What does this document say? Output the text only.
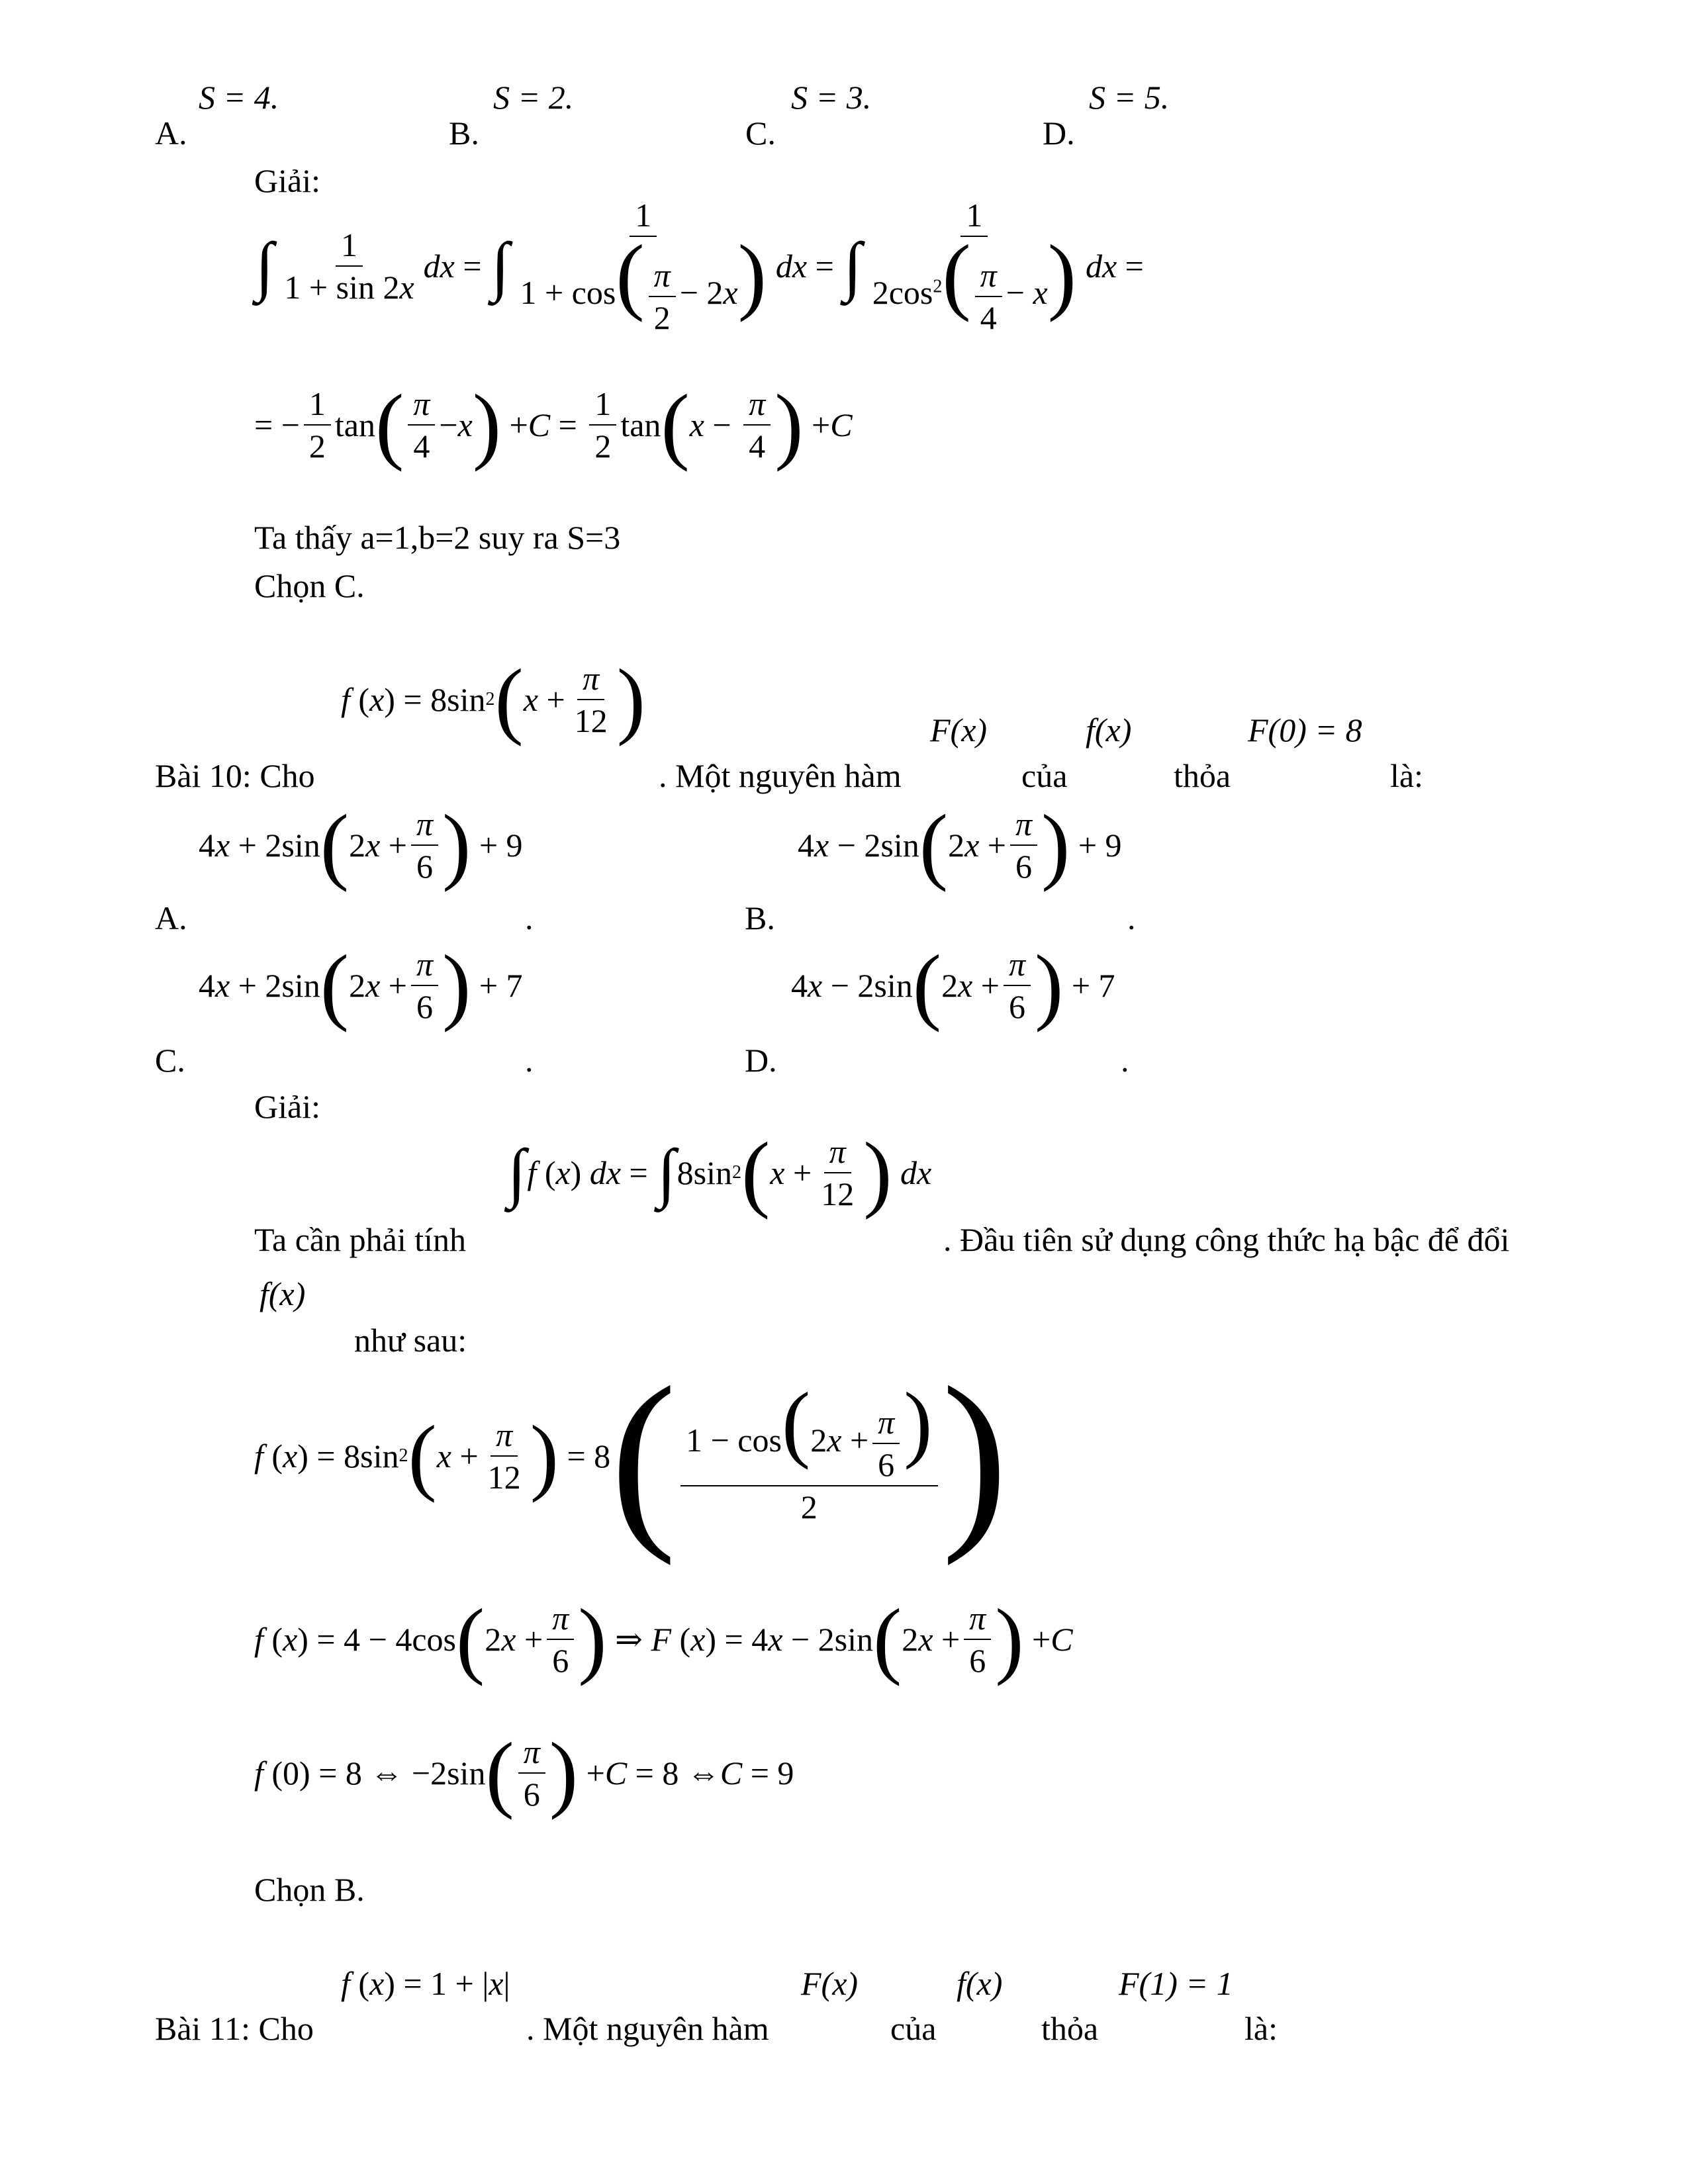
S = 4.
A.
S = 2.
B.
S = 3.
C.
S = 5.
D.
Giải:
∫ $\frac{1}{1 + \sin 2x}$ dx = ∫ $\frac{1}{1 + \cos( \frac{\pi}{2} - 2x)}$ dx = ∫ $\frac{1}{2\cos^2( \frac{\pi}{4} - x)}$ dx =
= − $\frac{1}{2}$ tan ( $\frac{\pi}{4} - x$ ) + $C = \frac{1}{2}$ tan ( $x - \frac{\pi}{4}$ ) + C
Ta thấy a=1,b=2 suy ra S=3
Chọn C.
f ( x ) = 8sin 2 ( $x + \frac{\pi}{12}$ )	F(x)	f(x)	F(0) = 8
Bài 10: Cho	. Một nguyên hàm	của	thỏa	là:
4 x + 2sin ( 2 $x + \frac{\pi}{6}$ ) + 9
A.	.
4 x − 2sin ( 2 $x + \frac{\pi}{6}$ ) + 9
B.	.
4 x + 2sin ( 2 $x + \frac{\pi}{6}$ ) + 7
C.	.
4 x − 2sin ( 2 $x + \frac{\pi}{6}$ ) + 7
D.	.
Giải:
∫ f ( x ) dx = ∫ 8sin 2 ( $x + \frac{\pi}{12}$ )
dx
Ta cần phải tính	. Đầu tiên sử dụng công thức hạ bậc để đổi
f(x)
như sau:
f ( x ) = 8sin 2 ( $x + \frac{\pi}{12}$ ) = 8 ( $\frac{1 - \cos(2x + \frac{\pi}{6} )}{2}$ )
f ( x ) = 4 − 4cos ( 2 $x + \frac{\pi}{6}$ ) ⇒ F ( x ) = 4 x − 2sin ( 2 $x + \frac{\pi}{6}$ ) + C
f (0) = 8 ⇔ −2sin ( $\frac{\pi}{6}$ ) + C = 8 ⇔ C = 9
Chọn B.
f ( x ) = 1 + | x |	F(x)	f(x)	F(1) = 1
Bài 11: Cho	. Một nguyên hàm	của	thỏa	là:
